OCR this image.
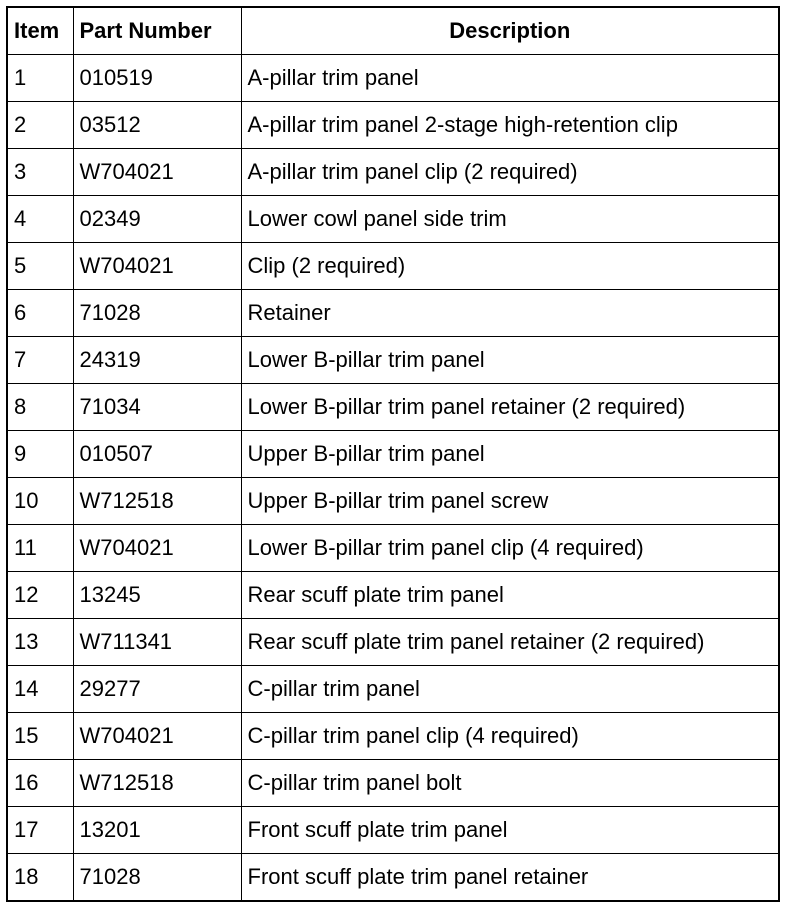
Item	Part Number	Description
1	010519	A-pillar trim panel
2	03512	A-pillar trim panel 2-stage high-retention clip
3	W704021	A-pillar trim panel clip (2 required)
4	02349	Lower cowl panel side trim
5	W704021	Clip (2 required)
6	71028	Retainer
7	24319	Lower B-pillar trim panel
8	71034	Lower B-pillar trim panel retainer (2 required)
9	010507	Upper B-pillar trim panel
10	W712518	Upper B-pillar trim panel screw
11	W704021	Lower B-pillar trim panel clip (4 required)
12	13245	Rear scuff plate trim panel
13	W711341	Rear scuff plate trim panel retainer (2 required)
14	29277	C-pillar trim panel
15	W704021	C-pillar trim panel clip (4 required)
16	W712518	C-pillar trim panel bolt
17	13201	Front scuff plate trim panel
18	71028	Front scuff plate trim panel retainer
